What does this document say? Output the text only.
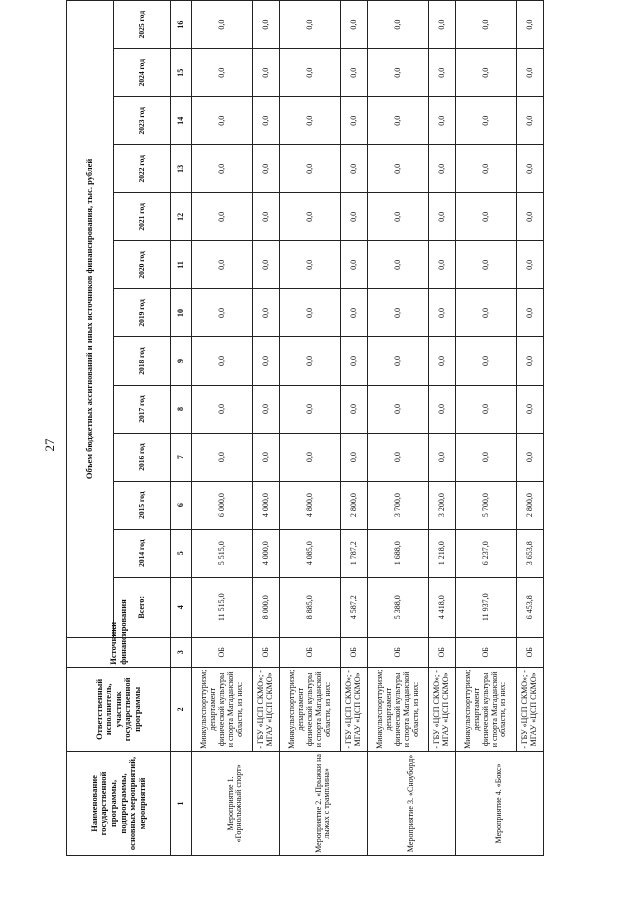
27
Наименование государственной программы, подпрограммы, основных мероприятий, мероприятий	Ответственный исполнитель, участник государственной программы	Источники финансирования	Объем бюджетных ассигнований и иных источников финансирования, тыс. рублей												
			Всего:	2014 год	2015 год	2016 год	2017 год	2018 год	2019 год	2020 год	2021 год	2022 год	2023 год	2024 год	2025 год
1	2	3	4	5	6	7	8	9	10	11	12	13	14	15	16
Мероприятие 1. «Горнолыжный спорт»	Минкультспорттуризм; департамент физической культуры и спорта Магаданской области, из них:	ОБ	11 515,0	5 515,0	6 000,0	0,0	0,0	0,0	0,0	0,0	0,0	0,0	0,0	0,0	0,0
	- ГБУ «ЦСП СКМО»; - МГАУ «ЦСП СКМО»	ОБ	8 000,0	4 000,0	4 000,0	0,0	0,0	0,0	0,0	0,0	0,0	0,0	0,0	0,0	0,0
Мероприятие 2. «Прыжки на лыжах с трамплина»	Минкультспорттуризм; департамент физической культуры и спорта Магаданской области, из них:	ОБ	8 885,0	4 085,0	4 800,0	0,0	0,0	0,0	0,0	0,0	0,0	0,0	0,0	0,0	0,0
	- ГБУ «ЦСП СКМО»; - МГАУ «ЦСП СКМО»	ОБ	4 587,2	1 787,2	2 800,0	0,0	0,0	0,0	0,0	0,0	0,0	0,0	0,0	0,0	0,0
Мероприятие 3. «Сноуборд»	Минкультспорттуризм; департамент физической культуры и спорта Магаданской области, из них:	ОБ	5 388,0	1 688,0	3 700,0	0,0	0,0	0,0	0,0	0,0	0,0	0,0	0,0	0,0	0,0
	- ГБУ «ЦСП СКМО»; - МГАУ «ЦСП СКМО»	ОБ	4 418,0	1 218,0	3 200,0	0,0	0,0	0,0	0,0	0,0	0,0	0,0	0,0	0,0	0,0
Мероприятие 4. «Бокс»	Минкультспорттуризм; департамент физической культуры и спорта Магаданской области, из них:	ОБ	11 937,0	6 237,0	5 700,0	0,0	0,0	0,0	0,0	0,0	0,0	0,0	0,0	0,0	0,0
	- ГБУ «ЦСП СКМО»; - МГАУ «ЦСП СКМО»	ОБ	6 453,8	3 653,8	2 800,0	0,0	0,0	0,0	0,0	0,0	0,0	0,0	0,0	0,0	0,0
